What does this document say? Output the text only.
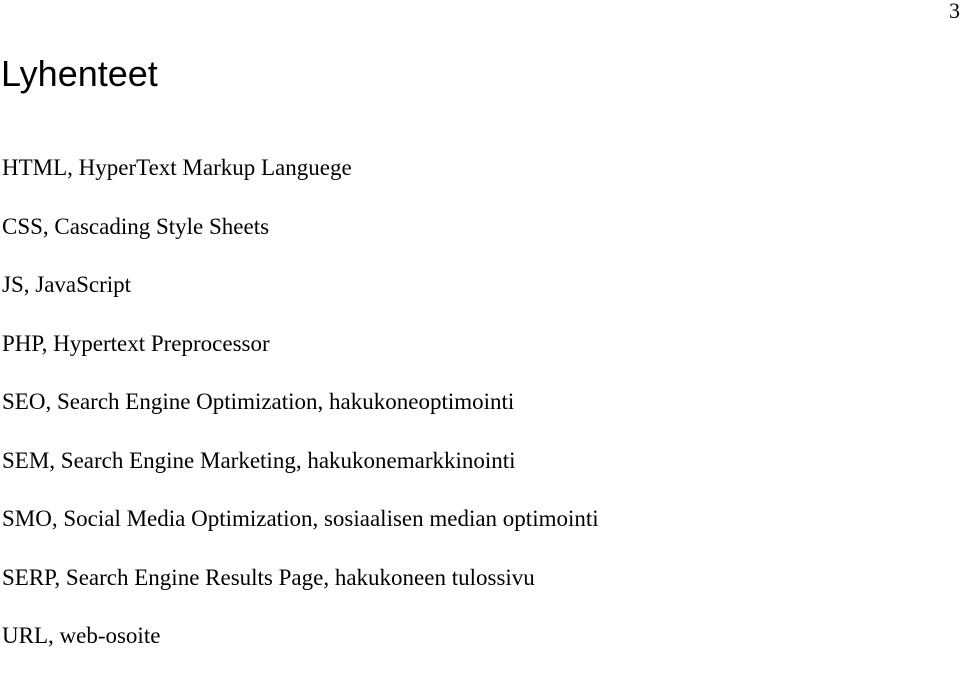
3
Lyhenteet
HTML, HyperText Markup Languege
CSS, Cascading Style Sheets
JS, JavaScript
PHP, Hypertext Preprocessor
SEO, Search Engine Optimization, hakukoneoptimointi
SEM, Search Engine Marketing, hakukonemarkkinointi
SMO, Social Media Optimization, sosiaalisen median optimointi
SERP, Search Engine Results Page, hakukoneen tulossivu
URL, web-osoite
